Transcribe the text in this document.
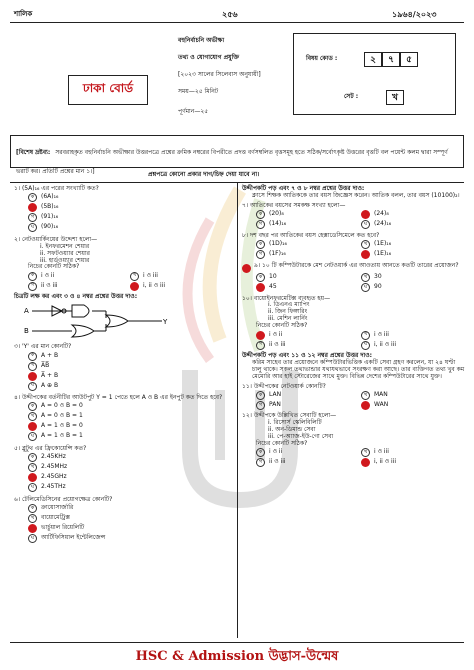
শালিক	২৫৬	১৯৬৪/২০২৩
বহুনির্বাচনি অভীক্ষা
তথ্য ও যোগাযোগ প্রযুক্তি
[২০২৩ সালের সিলেবাস অনুযায়ী]
সময়—২৫ মিনিট
পূর্ণমান—২৫
ঢাকা বোর্ড
বিষয় কোড :	২	৭	৫
সেট :	খ
[বিশেষ দ্রষ্টব্য: সরবরাহকৃত বহুনির্বাচনি অভীক্ষার উত্তরপত্রে প্রশ্নের ক্রমিক নম্বরের বিপরীতে প্রদত্ত বর্ণসম্বলিত বৃত্তসমূহ হতে সঠিক/সর্বোৎকৃষ্ট উত্তরের বৃত্তটি বল পয়েন্ট কলম দ্বারা সম্পূর্ণ ভরাট কর। প্রতিটি প্রশ্নের মান ১।]	প্রশ্নপত্রে কোনো প্রকার দাগ/চিহ্ন দেয়া যাবে না।
১। (5A)₁₆ এর পরের সংখ্যাটি কত?
ক	(6A)₁₆
(5B)₁₆
গ	(91)₁₆
ঘ	(90)₁₆
২। নেটওয়ার্কিংয়ের উদ্দেশ্য হলো—
i. ইনফরমেশন শেয়ার
ii. সফটওয়্যার শেয়ার
iii. হার্ডওয়্যার শেয়ার
নিচের কোনটি সঠিক?
ক	i ও ii	খ	i ও iii
গ	ii ও iii	i, ii ও iii
চিত্রটি লক্ষ কর এবং ৩ ও ৪ নম্বর প্রশ্নের উত্তর দাও:
A
B
Y
৩। 'Y' এর মান কোনটি?
ক	A + B
খ	A̅B̅
A̅ + B
ঘ	A ⊕ B
৪। উদ্দীপকের বর্তনীটির আউটপুট Y = 1 পেতে হলে A ও B এর ইনপুট কত দিতে হবে?
ক	A = 0 ও B = 0
খ	A = 0 ও B = 1
A = 1 ও B = 0
ঘ	A = 1 ও B = 1
৫। ব্লুটুথ এর ফ্রিকোয়েন্সি কত?
ক	2.45KHz
খ	2.45MHz
2.45GHz
ঘ	2.45THz
৬। টেলিমেডিসিনের প্রয়োগক্ষেত্র কোনটি?
ক	ক্রায়োসার্জারি
খ	বায়োমেট্রিক্স
ভার্চুয়াল রিয়েলিটি
ঘ	আর্টিফিসিয়াল ইন্টেলিজেন্স
উদ্দীপকটি পড় এবং ৭ ও ৮ নম্বর প্রশ্নের উত্তর দাও:
ক্লাসে শিক্ষক আতিককে তার বয়স জিজ্ঞেস করেন। আতিক বলল, তার বয়স (10100)₂।
৭। আতিকের বয়সের সমকক্ষ সংখ্যা হলো—
ক	(20)₈	(24)₈
গ	(14)₁₆	ঘ	(24)₁₆
৮। দশ বছর পর আতিকের বয়স হেক্সাডেসিমেলে কত হবে?
ক	(1D)₁₆	খ	(1E)₁₆
গ	(1F)₁₆	(1E)₁₆
৯। ১০ টি কম্পিউটারকে মেশ নেটওয়ার্ক এর আওতায় আনতে কতটি তারের প্রয়োজন?
ক	10	খ	30
45	ঘ	90
১০। বায়োইনফরমেটিক্স ব্যবহৃত হয়—
i. ডিএনএ ম্যাপিং
ii. জিন ফিঙ্গারিং
iii. মেশিন লার্নিং
নিচের কোনটি সঠিক?
i ও ii	খ	i ও iii
গ	ii ও iii	ঘ	i, ii ও iii
উদ্দীপকটি পড় এবং ১১ ও ১২ নম্বর প্রশ্নের উত্তর দাও:
করিম সাহেব তার প্রয়োজনে কম্পিউটারভিত্তিক একটি সেবা গ্রহণ করলেন, যা ২৪ ঘণ্টা চালু থাকে। সকল তথ্যভান্ডার যথাযথভাবে সংরক্ষণ করা আছে। তার ব্যক্তিগত তথ্য খুব কম মেমোরি আর হাই স্টোরেজের সাথে মুক্ত। বিভিন্ন দেশের কম্পিউটারের সাথে যুক্ত।
১১। উদ্দীপকের নেটওয়ার্ক কোনটি?
ক	LAN	খ	MAN
গ	PAN	WAN
১২। উদ্দীপকে উল্লিখিত সেবাটি হলো—
i. রিসোর্স স্কেলিবিলিটি
ii. অন-ডিমান্ড সেবা
iii. পে-অ্যাজ-ইউ-গো সেবা
নিচের কোনটি সঠিক?
ক	i ও ii	খ	i ও iii
গ	ii ও iii	i, ii ও iii
HSC & Admission উদ্ভাস-উন্মেষ
